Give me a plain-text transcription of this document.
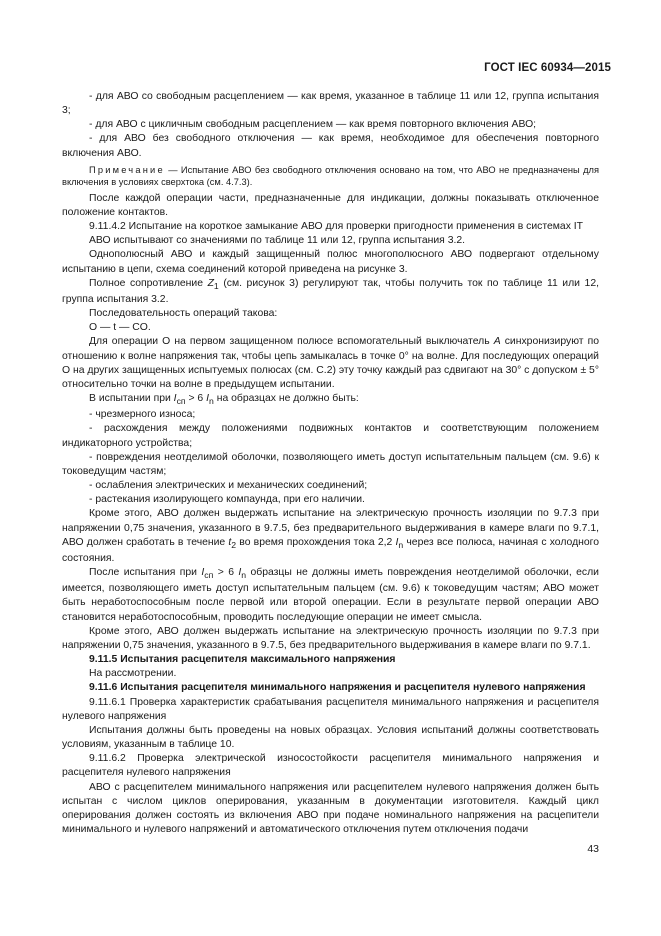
ГОСТ IEC 60934—2015

- для АВО со свободным расцеплением — как время, указанное в таблице 11 или 12, группа испытания 3;

- для АВО с цикличным свободным расцеплением — как время повторного включения АВО;

- для АВО без свободного отключения — как время, необходимое для обеспечения повторного включения АВО.

Примечание — Испытание АВО без свободного отключения основано на том, что АВО не предназначены для включения в условиях сверхтока (см. 4.7.3).

После каждой операции части, предназначенные для индикации, должны показывать отключенное положение контактов.

9.11.4.2 Испытание на короткое замыкание АВО для проверки пригодности применения в системах IT

АВО испытывают со значениями по таблице 11 или 12, группа испытания 3.2.

Однополюсный АВО и каждый защищенный полюс многополюсного АВО подвергают отдельному испытанию в цепи, схема соединений которой приведена на рисунке 3.

Полное сопротивление $Z_1$ (см. рисунок 3) регулируют так, чтобы получить ток по таблице 11 или 12, группа испытания 3.2.

Последовательность операций такова:

O — t — CO.

Для операции О на первом защищенном полюсе вспомогательный выключатель A синхронизируют по отношению к волне напряжения так, чтобы цепь замыкалась в точке 0° на волне. Для последующих операций О на других защищенных испытуемых полюсах (см. С.2) эту точку каждый раз сдвигают на 30° с допуском ± 5° относительно точки на волне в предыдущем испытании.

В испытании при $I_{сп} > 6$ $I_n$ на образцах не должно быть:

- чрезмерного износа;

- расхождения между положениями подвижных контактов и соответствующим положением индикаторного устройства;

- повреждения неотделимой оболочки, позволяющего иметь доступ испытательным пальцем (см. 9.6) к токоведущим частям;

- ослабления электрических и механических соединений;

- растекания изолирующего компаунда, при его наличии.

Кроме этого, АВО должен выдержать испытание на электрическую прочность изоляции по 9.7.3 при напряжении 0,75 значения, указанного в 9.7.5, без предварительного выдерживания в камере влаги по 9.7.1, АВО должен сработать в течение $t_2$ во время прохождения тока 2,2 $I_n$ через все полюса, начиная с холодного состояния.

После испытания при $I_{сп} > 6$ $I_n$ образцы не должны иметь повреждения неотделимой оболочки, если имеется, позволяющего иметь доступ испытательным пальцем (см. 9.6) к токоведущим частям; АВО может быть неработоспособным после первой или второй операции. Если в результате первой операции АВО становится неработоспособным, проводить последующие операции не имеет смысла.

Кроме этого, АВО должен выдержать испытание на электрическую прочность изоляции по 9.7.3 при напряжении 0,75 значения, указанного в 9.7.5, без предварительного выдерживания в камере влаги по 9.7.1.

9.11.5 Испытания расцепителя максимального напряжения

На рассмотрении.

9.11.6 Испытания расцепителя минимального напряжения и расцепителя нулевого напряжения

9.11.6.1 Проверка характеристик срабатывания расцепителя минимального напряжения и расцепителя нулевого напряжения

Испытания должны быть проведены на новых образцах. Условия испытаний должны соответствовать условиям, указанным в таблице 10.

9.11.6.2 Проверка электрической износостойкости расцепителя минимального напряжения и расцепителя нулевого напряжения

АВО с расцепителем минимального напряжения или расцепителем нулевого напряжения должен быть испытан с числом циклов оперирования, указанным в документации изготовителя. Каждый цикл оперирования должен состоять из включения АВО при подаче номинального напряжения на расцепители минимального и нулевого напряжений и автоматического отключения путем отключения подачи

43
